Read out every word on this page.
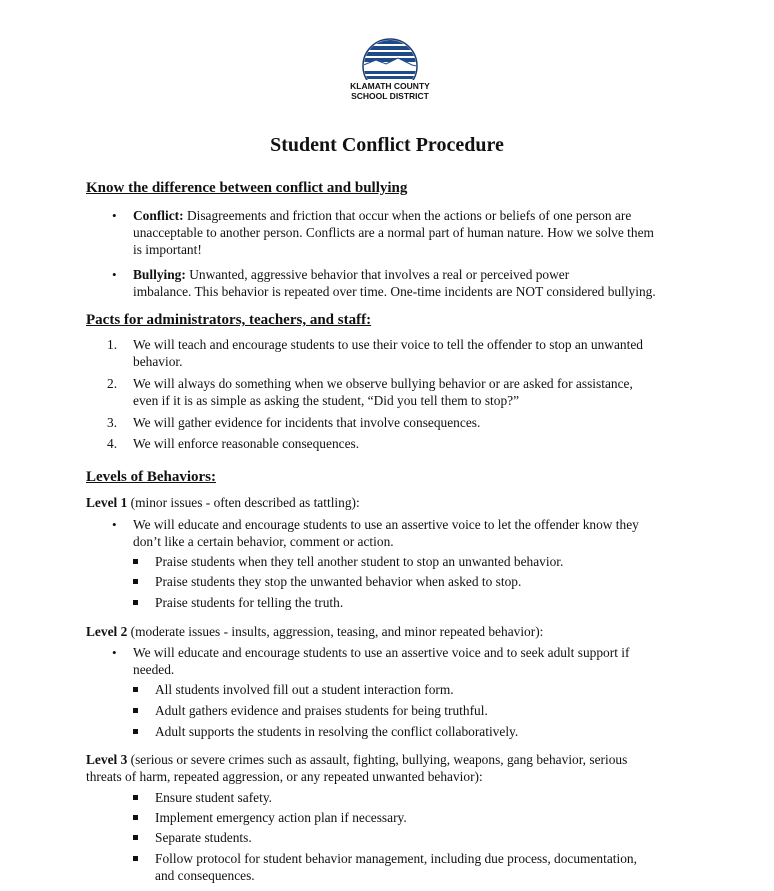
KLAMATH COUNTY
SCHOOL DISTRICT
Student Conflict Procedure
Know the difference between conflict and bullying
• Conflict: Disagreements and friction that occur when the actions or beliefs of one person are
unacceptable to another person. Conflicts are a normal part of human nature. How we solve them
is important!
• Bullying: Unwanted, aggressive behavior that involves a real or perceived power
imbalance. This behavior is repeated over time. One-time incidents are NOT considered bullying.
Pacts for administrators, teachers, and staff:
1. We will teach and encourage students to use their voice to tell the offender to stop an unwanted
behavior.
2. We will always do something when we observe bullying behavior or are asked for assistance,
even if it is as simple as asking the student, “Did you tell them to stop?”
3. We will gather evidence for incidents that involve consequences.
4. We will enforce reasonable consequences.
Levels of Behaviors:
Level 1 (minor issues - often described as tattling):
• We will educate and encourage students to use an assertive voice to let the offender know they
don’t like a certain behavior, comment or action.
Praise students when they tell another student to stop an unwanted behavior.
Praise students they stop the unwanted behavior when asked to stop.
Praise students for telling the truth.
Level 2 (moderate issues - insults, aggression, teasing, and minor repeated behavior):
• We will educate and encourage students to use an assertive voice and to seek adult support if
needed.
All students involved fill out a student interaction form.
Adult gathers evidence and praises students for being truthful.
Adult supports the students in resolving the conflict collaboratively.
Level 3 (serious or severe crimes such as assault, fighting, bullying, weapons, gang behavior, serious
threats of harm, repeated aggression, or any repeated unwanted behavior):
Ensure student safety.
Implement emergency action plan if necessary.
Separate students.
Follow protocol for student behavior management, including due process, documentation,
and consequences.
